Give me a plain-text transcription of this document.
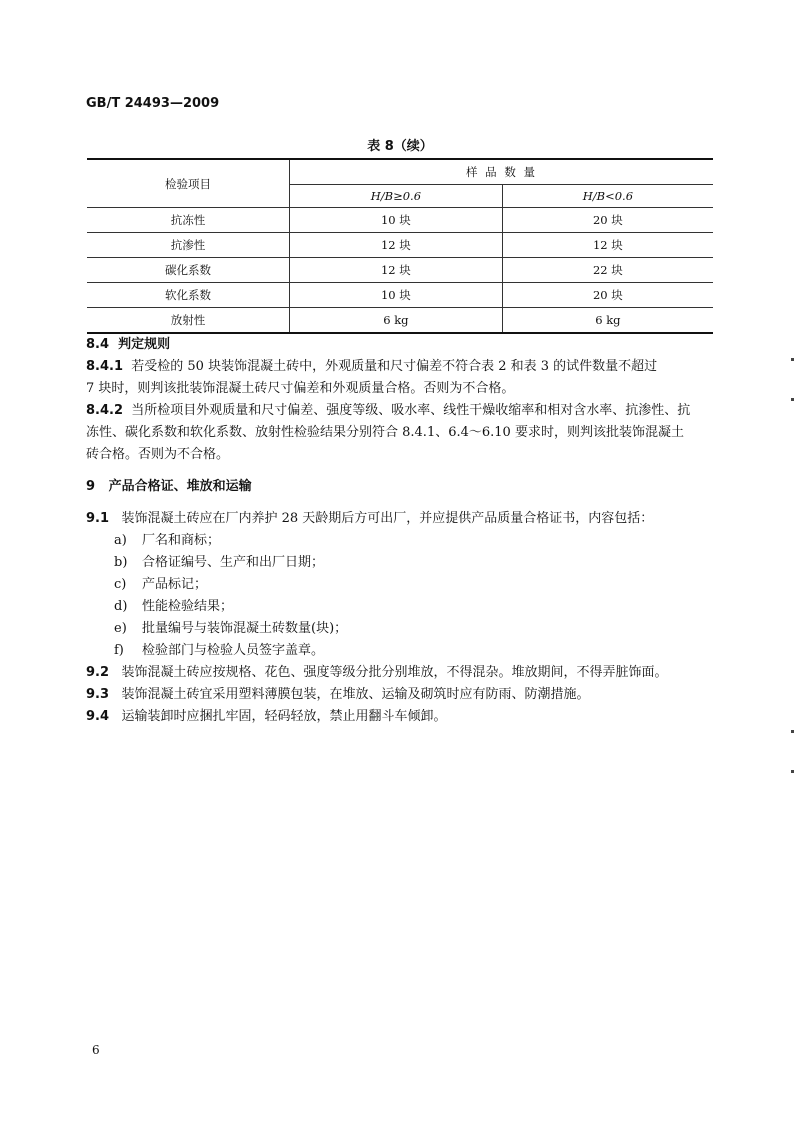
GB/T 24493—2009
表 8（续）
检验项目	样 品 数 量	
	H/B≥0.6	H/B<0.6
抗冻性	10 块	20 块
抗渗性	12 块	12 块
碳化系数	12 块	22 块
软化系数	10 块	20 块
放射性	6 kg	6 kg

8.4 判定规则

8.4.1 若受检的 50 块装饰混凝土砖中，外观质量和尺寸偏差不符合表 2 和表 3 的试件数量不超过

7 块时，则判该批装饰混凝土砖尺寸偏差和外观质量合格。否则为不合格。

8.4.2 当所检项目外观质量和尺寸偏差、强度等级、吸水率、线性干燥收缩率和相对含水率、抗渗性、抗

冻性、碳化系数和软化系数、放射性检验结果分别符合 8.4.1、6.4～6.10 要求时，则判该批装饰混凝土

砖合格。否则为不合格。

9 产品合格证、堆放和运输

9.1 装饰混凝土砖应在厂内养护 28 天龄期后方可出厂，并应提供产品质量合格证书，内容包括：

a) 厂名和商标；

b) 合格证编号、生产和出厂日期；

c) 产品标记；

d) 性能检验结果；

e) 批量编号与装饰混凝土砖数量(块)；

f) 检验部门与检验人员签字盖章。

9.2 装饰混凝土砖应按规格、花色、强度等级分批分别堆放，不得混杂。堆放期间，不得弄脏饰面。

9.3 装饰混凝土砖宜采用塑料薄膜包装，在堆放、运输及砌筑时应有防雨、防潮措施。

9.4 运输装卸时应捆扎牢固，轻码轻放，禁止用翻斗车倾卸。

6
